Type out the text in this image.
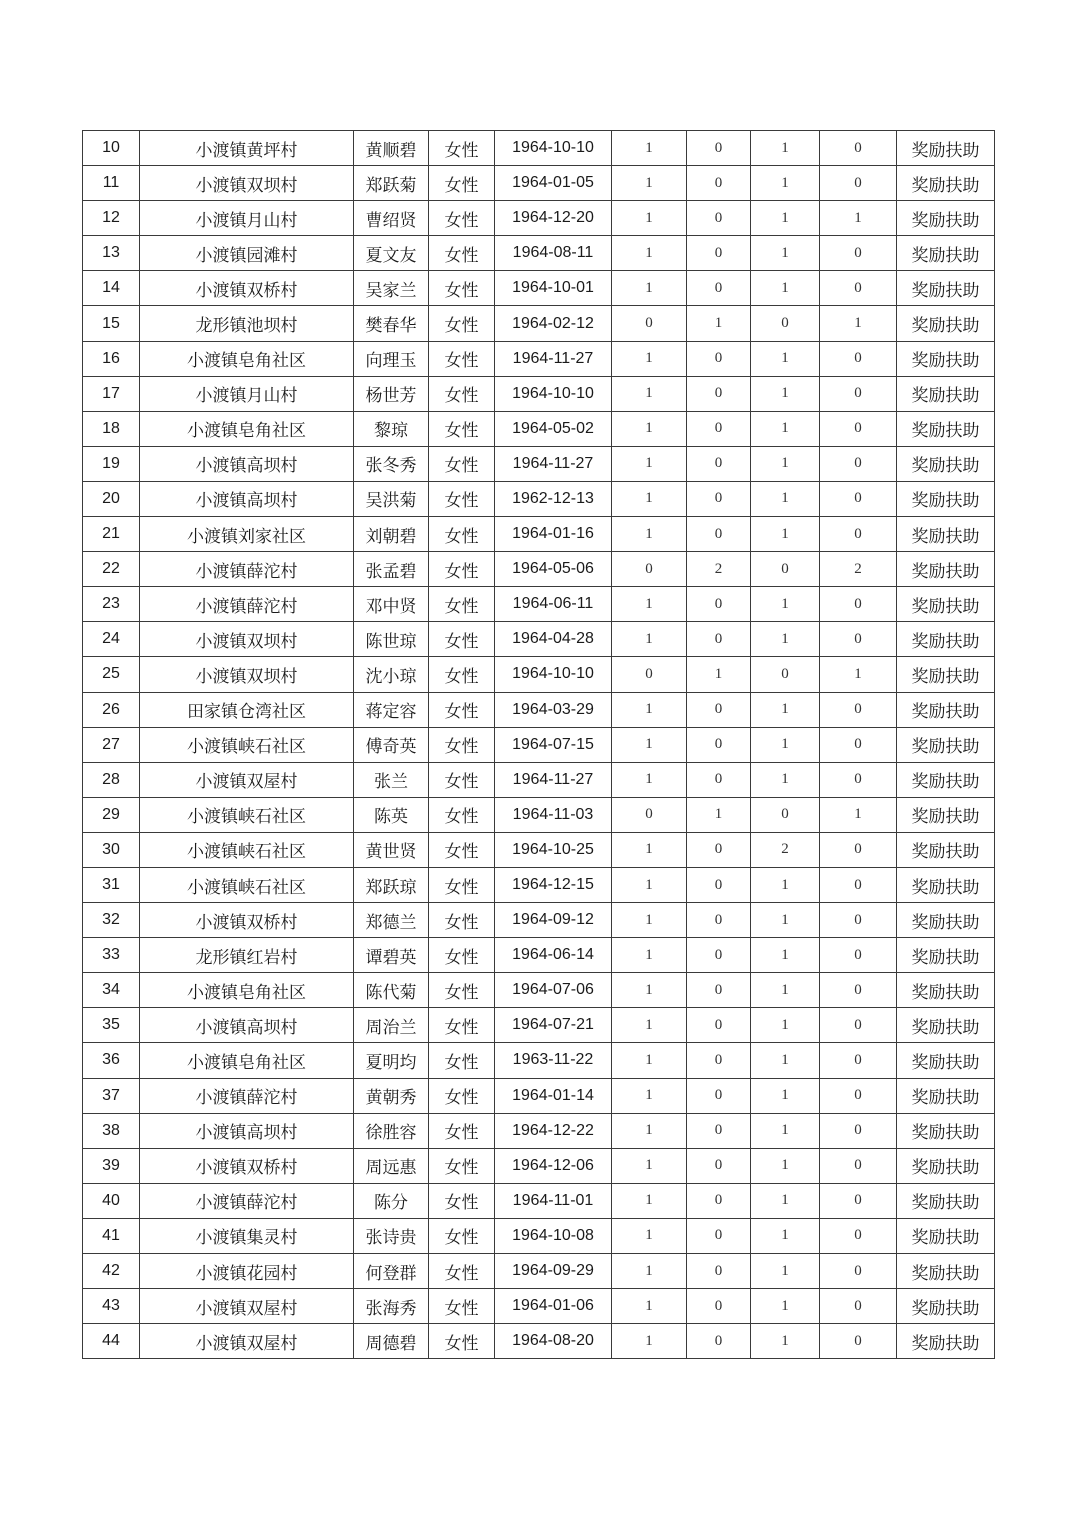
10	小渡镇黄坪村	黄顺碧	女性	1964-10-10	1	0	1	0	奖励扶助
11	小渡镇双坝村	郑跃菊	女性	1964-01-05	1	0	1	0	奖励扶助
12	小渡镇月山村	曹绍贤	女性	1964-12-20	1	0	1	1	奖励扶助
13	小渡镇园滩村	夏文友	女性	1964-08-11	1	0	1	0	奖励扶助
14	小渡镇双桥村	吴家兰	女性	1964-10-01	1	0	1	0	奖励扶助
15	龙形镇池坝村	樊春华	女性	1964-02-12	0	1	0	1	奖励扶助
16	小渡镇皂角社区	向理玉	女性	1964-11-27	1	0	1	0	奖励扶助
17	小渡镇月山村	杨世芳	女性	1964-10-10	1	0	1	0	奖励扶助
18	小渡镇皂角社区	黎琼	女性	1964-05-02	1	0	1	0	奖励扶助
19	小渡镇高坝村	张冬秀	女性	1964-11-27	1	0	1	0	奖励扶助
20	小渡镇高坝村	吴洪菊	女性	1962-12-13	1	0	1	0	奖励扶助
21	小渡镇刘家社区	刘朝碧	女性	1964-01-16	1	0	1	0	奖励扶助
22	小渡镇薛沱村	张孟碧	女性	1964-05-06	0	2	0	2	奖励扶助
23	小渡镇薛沱村	邓中贤	女性	1964-06-11	1	0	1	0	奖励扶助
24	小渡镇双坝村	陈世琼	女性	1964-04-28	1	0	1	0	奖励扶助
25	小渡镇双坝村	沈小琼	女性	1964-10-10	0	1	0	1	奖励扶助
26	田家镇仓湾社区	蒋定容	女性	1964-03-29	1	0	1	0	奖励扶助
27	小渡镇峡石社区	傅奇英	女性	1964-07-15	1	0	1	0	奖励扶助
28	小渡镇双屋村	张兰	女性	1964-11-27	1	0	1	0	奖励扶助
29	小渡镇峡石社区	陈英	女性	1964-11-03	0	1	0	1	奖励扶助
30	小渡镇峡石社区	黄世贤	女性	1964-10-25	1	0	2	0	奖励扶助
31	小渡镇峡石社区	郑跃琼	女性	1964-12-15	1	0	1	0	奖励扶助
32	小渡镇双桥村	郑德兰	女性	1964-09-12	1	0	1	0	奖励扶助
33	龙形镇红岩村	谭碧英	女性	1964-06-14	1	0	1	0	奖励扶助
34	小渡镇皂角社区	陈代菊	女性	1964-07-06	1	0	1	0	奖励扶助
35	小渡镇高坝村	周治兰	女性	1964-07-21	1	0	1	0	奖励扶助
36	小渡镇皂角社区	夏明均	女性	1963-11-22	1	0	1	0	奖励扶助
37	小渡镇薛沱村	黄朝秀	女性	1964-01-14	1	0	1	0	奖励扶助
38	小渡镇高坝村	徐胜容	女性	1964-12-22	1	0	1	0	奖励扶助
39	小渡镇双桥村	周远惠	女性	1964-12-06	1	0	1	0	奖励扶助
40	小渡镇薛沱村	陈分	女性	1964-11-01	1	0	1	0	奖励扶助
41	小渡镇集灵村	张诗贵	女性	1964-10-08	1	0	1	0	奖励扶助
42	小渡镇花园村	何登群	女性	1964-09-29	1	0	1	0	奖励扶助
43	小渡镇双屋村	张海秀	女性	1964-01-06	1	0	1	0	奖励扶助
44	小渡镇双屋村	周德碧	女性	1964-08-20	1	0	1	0	奖励扶助
